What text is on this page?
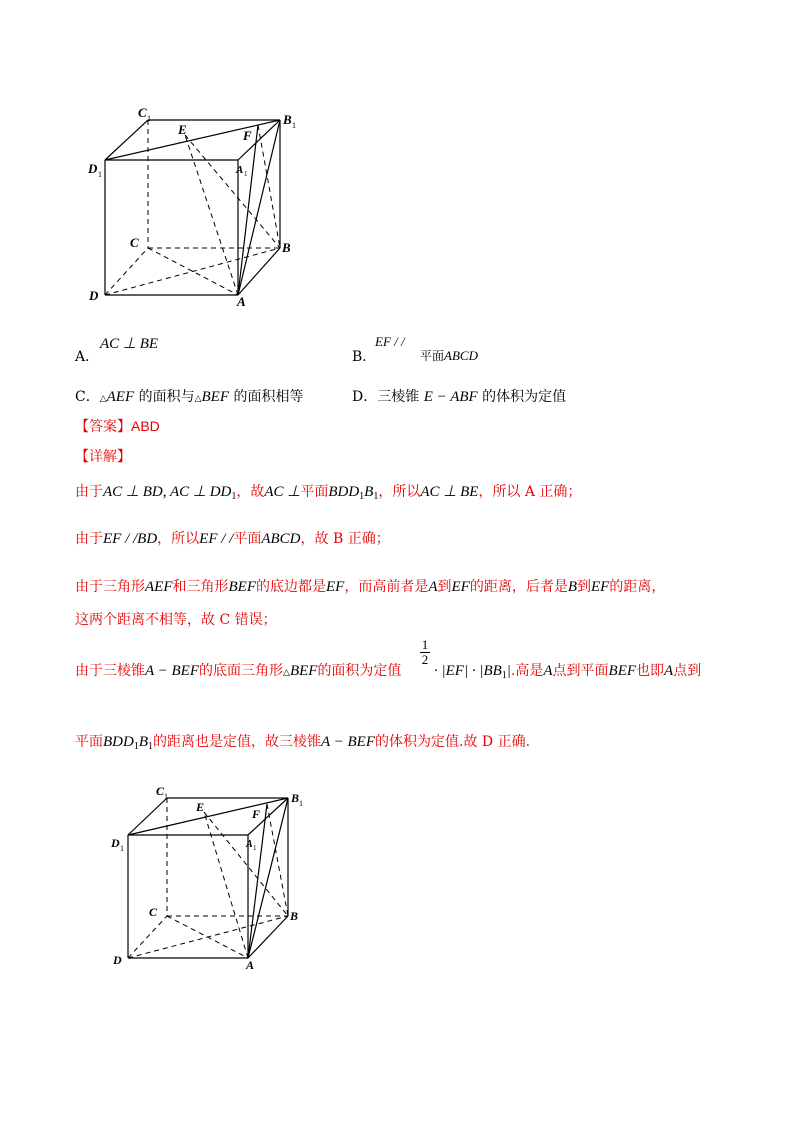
C 1	B 1
D 1	A 1
E	F
C	B
D	A
A．
AC ⊥ BE
B．
EF / /
平面ABCD
C．△AEF 的面积与△BEF 的面积相等	D．三棱锥 E − ABF 的体积为定值
【答案】ABD
【详解】
由于AC ⊥ BD, AC ⊥ $DD_1$，故AC ⊥平面$BDD_1B_1$，所以AC ⊥ BE，所以 A 正确；
由于EF / /BD，所以EF / /平面ABCD，故 B 正确；
由于三角形AEF和三角形BEF的底边都是EF，而高前者是A到EF的距离，后者是B到EF的距离，
这两个距离不相等，故 C 错误；
由于三棱锥A − BEF的底面三角形△BEF的面积为定值
1
2
· $|EF| \cdot |BB_1|$.高是A点到平面BEF也即A点到
平面$BDD_1B_1$的距离也是定值，故三棱锥A − BEF的体积为定值.故 D 正确.
C 1	B 1
D 1	A 1
E	F
C	B
D	A
